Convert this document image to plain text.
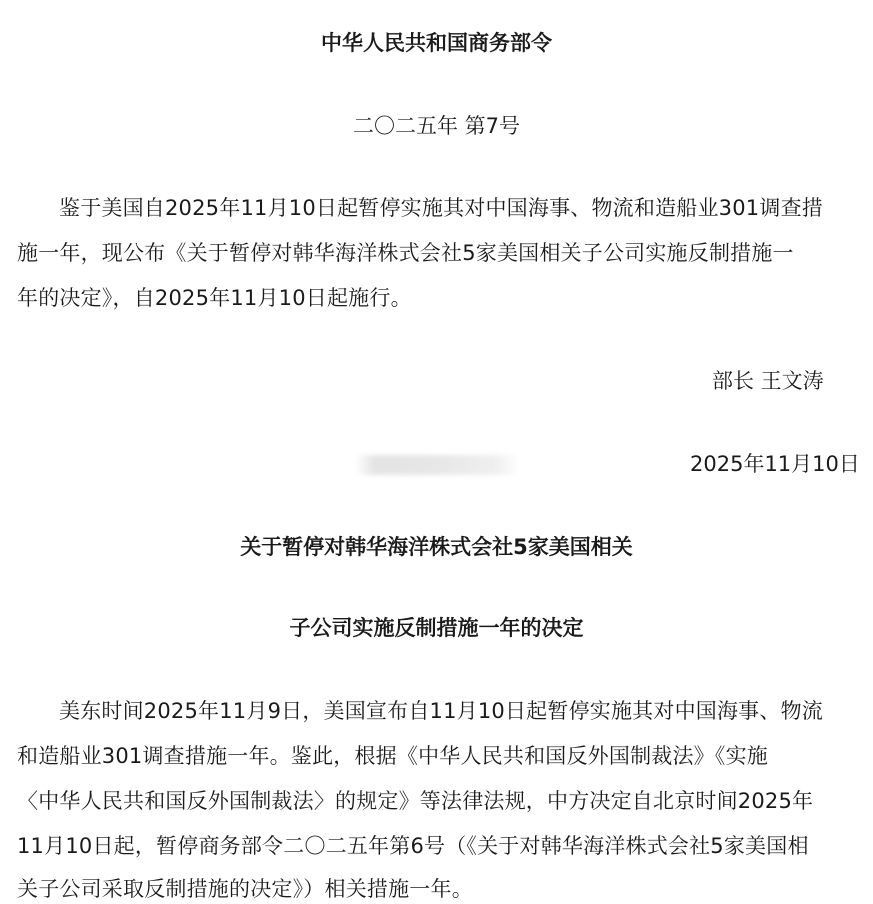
中华人民共和国商务部令
二〇二五年 第7号
鉴于美国自2025年11月10日起暂停实施其对中国海事、物流和造船业301调查措
施一年，现公布《关于暂停对韩华海洋株式会社5家美国相关子公司实施反制措施一
年的决定》，自2025年11月10日起施行。
部长 王文涛
2025年11月10日
关于暂停对韩华海洋株式会社5家美国相关
子公司实施反制措施一年的决定
美东时间2025年11月9日，美国宣布自11月10日起暂停实施其对中国海事、物流
和造船业301调查措施一年。鉴此，根据《中华人民共和国反外国制裁法》《实施
〈中华人民共和国反外国制裁法〉的规定》等法律法规，中方决定自北京时间2025年
11月10日起，暂停商务部令二〇二五年第6号（《关于对韩华海洋株式会社5家美国相
关子公司采取反制措施的决定》）相关措施一年。
